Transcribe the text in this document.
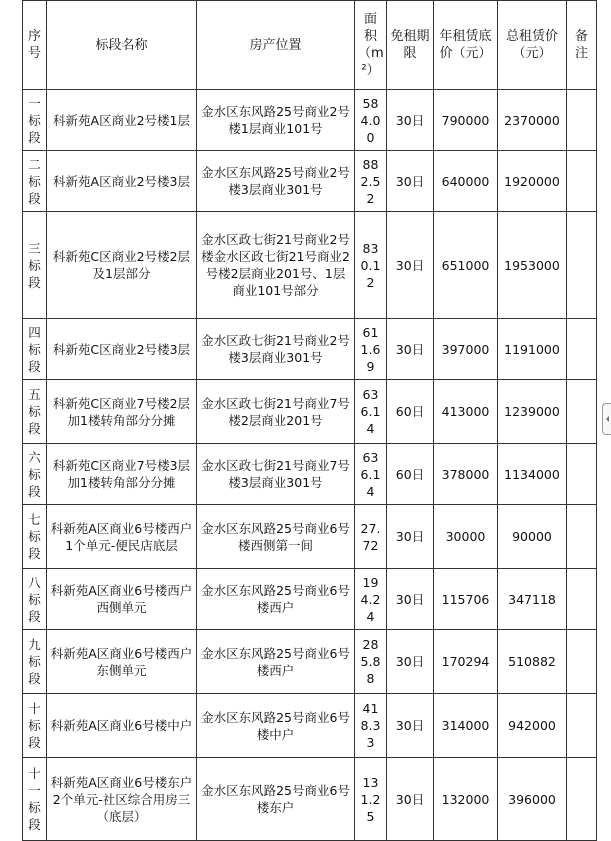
序号	标段名称	房产位置	面积（m²）	免租期限	年租赁底价（元）	总租赁价（元）	备注
一标段	科新苑A区商业2号楼1层	金水区东风路25号商业2号楼1层商业101号	584.00	30日	790000	2370000	
二标段	科新苑A区商业2号楼3层	金水区东风路25号商业2号楼3层商业301号	882.52	30日	640000	1920000	
三标段	科新苑C区商业2号楼2层及1层部分	金水区政七街21号商业2号楼金水区政七街21号商业2号楼2层商业201号、1层商业101号部分	830.12	30日	651000	1953000	
四标段	科新苑C区商业2号楼3层	金水区政七街21号商业2号楼3层商业301号	611.69	30日	397000	1191000	
五标段	科新苑C区商业7号楼2层加1楼转角部分分摊	金水区政七街21号商业7号楼2层商业201号	636.14	60日	413000	1239000	
六标段	科新苑C区商业7号楼3层加1楼转角部分分摊	金水区政七街21号商业7号楼3层商业301号	636.14	60日	378000	1134000	
七标段	科新苑A区商业6号楼西户1个单元-便民店底层	金水区东风路25号商业6号楼西侧第一间	27.72	30日	30000	90000	
八标段	科新苑A区商业6号楼西户西侧单元	金水区东风路25号商业6号楼西户	194.24	30日	115706	347118	
九标段	科新苑A区商业6号楼西户东侧单元	金水区东风路25号商业6号楼西户	285.88	30日	170294	510882	
十标段	科新苑A区商业6号楼中户	金水区东风路25号商业6号楼中户	418.33	30日	314000	942000	
十一标段	科新苑A区商业6号楼东户2个单元-社区综合用房三 （底层）	金水区东风路25号商业6号楼东户	131.25	30日	132000	396000	
